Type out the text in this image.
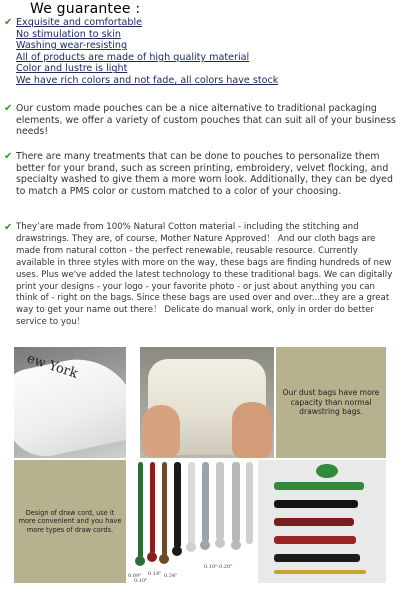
We guarantee :
✔ Exquisite and comfortable
No stimulation to skin
Washing wear-resisting
All of products are made of high quality material
Color and lustre is light
We have rich colors and not fade, all colors have stock
✔ Our custom made pouches can be a nice alternative to traditional packaging elements, we offer a variety of custom pouches that can suit all of your business needs!
✔ There are many treatments that can be done to pouches to personalize them better for your brand, such as screen printing, embroidery, velvet flocking, and specialty washed to give them a more worn look. Additionally, they can be dyed to match a PMS color or custom matched to a color of your choosing.
✔ They’are made from 100% Natural Cotton material - including the stitching and drawstrings. They are, of course, Mother Nature Approved！ And our cloth bags are made from natural cotton - the perfect renewable, reusable resource. Currently available in three styles with more on the way, these bags are finding hundreds of new uses. Plus we've added the latest technology to these traditional bags. We can digitally print your designs - your logo - your favorite photo - or just about anything you can think of - right on the bags. Since these bags are used over and over...they are a great way to get your name out there！ Delicate do manual work, only in order do better service to you！
ew York
Our dust bags have more capacity than normal drawstring bags.
Design of draw cord, use it more convenient and you have more types of draw cords.
0.09"
0.10"
0.14" 0.34"
0.10"-0.20"
